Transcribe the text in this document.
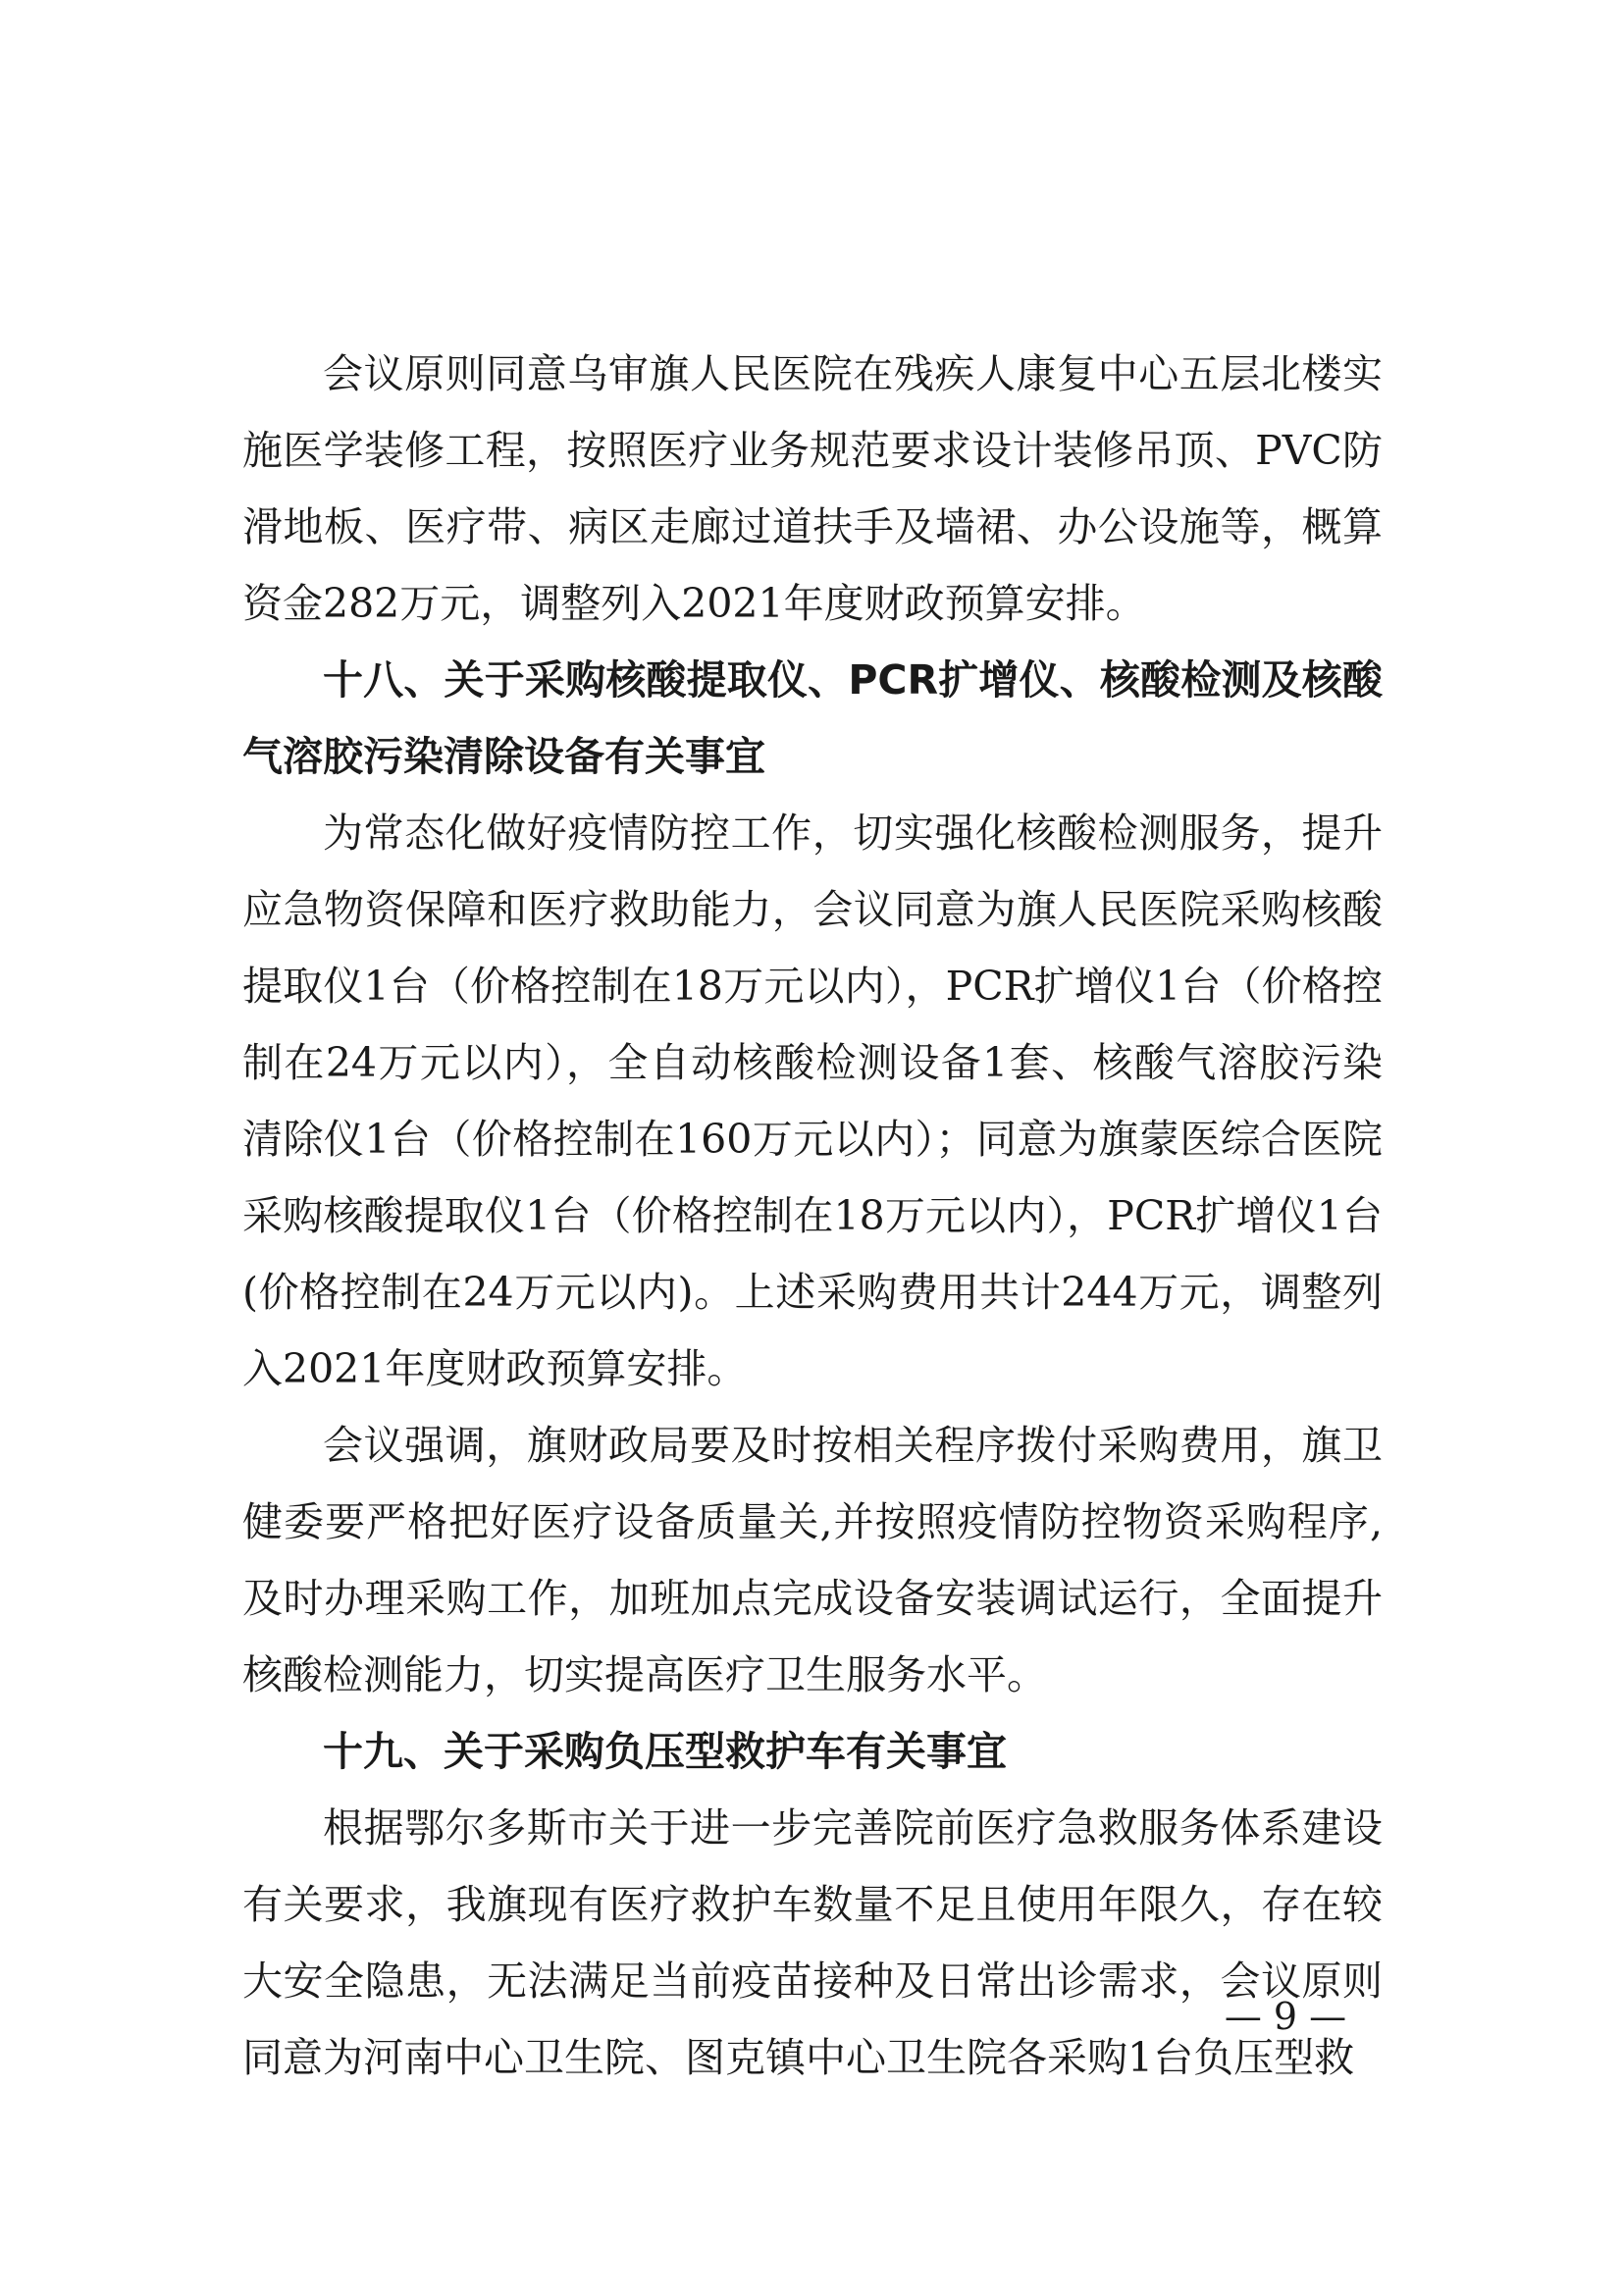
会议原则同意乌审旗人民医院在残疾人康复中心五层北楼实施医学装修工程，按照医疗业务规范要求设计装修吊顶、PVC防滑地板、医疗带、病区走廊过道扶手及墙裙、办公设施等，概算资金282万元，调整列入2021年度财政预算安排。

十八、关于采购核酸提取仪、PCR扩增仪、核酸检测及核酸气溶胶污染清除设备有关事宜

为常态化做好疫情防控工作，切实强化核酸检测服务，提升应急物资保障和医疗救助能力，会议同意为旗人民医院采购核酸提取仪1台（价格控制在18万元以内），PCR扩增仪1台（价格控制在24万元以内），全自动核酸检测设备1套、核酸气溶胶污染清除仪1台（价格控制在160万元以内）；同意为旗蒙医综合医院采购核酸提取仪1台（价格控制在18万元以内），PCR扩增仪1台(价格控制在24万元以内)。上述采购费用共计244万元，调整列入2021年度财政预算安排。

会议强调，旗财政局要及时按相关程序拨付采购费用，旗卫健委要严格把好医疗设备质量关,并按照疫情防控物资采购程序,及时办理采购工作，加班加点完成设备安装调试运行，全面提升核酸检测能力，切实提高医疗卫生服务水平。

十九、关于采购负压型救护车有关事宜

根据鄂尔多斯市关于进一步完善院前医疗急救服务体系建设有关要求，我旗现有医疗救护车数量不足且使用年限久，存在较大安全隐患，无法满足当前疫苗接种及日常出诊需求，会议原则同意为河南中心卫生院、图克镇中心卫生院各采购1台负压型救

— 9 —
